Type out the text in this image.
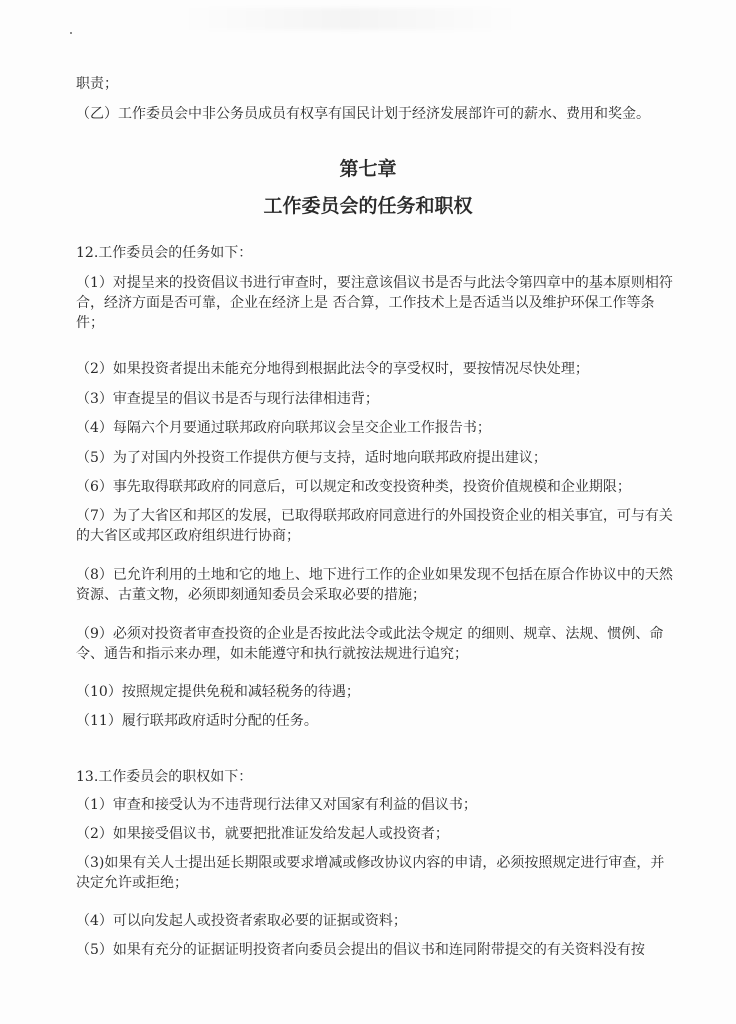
职责；

（乙）工作委员会中非公务员成员有权享有国民计划于经济发展部许可的薪水、费用和奖金。

第七章
工作委员会的任务和职权

12.工作委员会的任务如下：

（1）对提呈来的投资倡议书进行审查时，要注意该倡议书是否与此法令第四章中的基本原则相符合，经济方面是否可靠，企业在经济上是 否合算，工作技术上是否适当以及维护环保工作等条件；

（2）如果投资者提出未能充分地得到根据此法令的享受权时，要按情况尽快处理；

（3）审查提呈的倡议书是否与现行法律相违背；

（4）每隔六个月要通过联邦政府向联邦议会呈交企业工作报告书；

（5）为了对国内外投资工作提供方便与支持，适时地向联邦政府提出建议；

（6）事先取得联邦政府的同意后，可以规定和改变投资种类，投资价值规模和企业期限；

（7）为了大省区和邦区的发展，已取得联邦政府同意进行的外国投资企业的相关事宜，可与有关的大省区或邦区政府组织进行协商；

（8）已允许利用的土地和它的地上、地下进行工作的企业如果发现不包括在原合作协议中的天然资源、古董文物，必须即刻通知委员会采取必要的措施；

（9）必须对投资者审查投资的企业是否按此法令或此法令规定 的细则、规章、法规、惯例、命令、通告和指示来办理，如未能遵守和执行就按法规进行追究；

（10）按照规定提供免税和减轻税务的待遇；

（11）履行联邦政府适时分配的任务。

13.工作委员会的职权如下：

（1）审查和接受认为不违背现行法律又对国家有利益的倡议书；

（2）如果接受倡议书，就要把批准证发给发起人或投资者；

（3)如果有关人士提出延长期限或要求增减或修改协议内容的申请，必须按照规定进行审查，并决定允许或拒绝；

（4）可以向发起人或投资者索取必要的证据或资料；

（5）如果有充分的证据证明投资者向委员会提出的倡议书和连同附带提交的有关资料没有按
